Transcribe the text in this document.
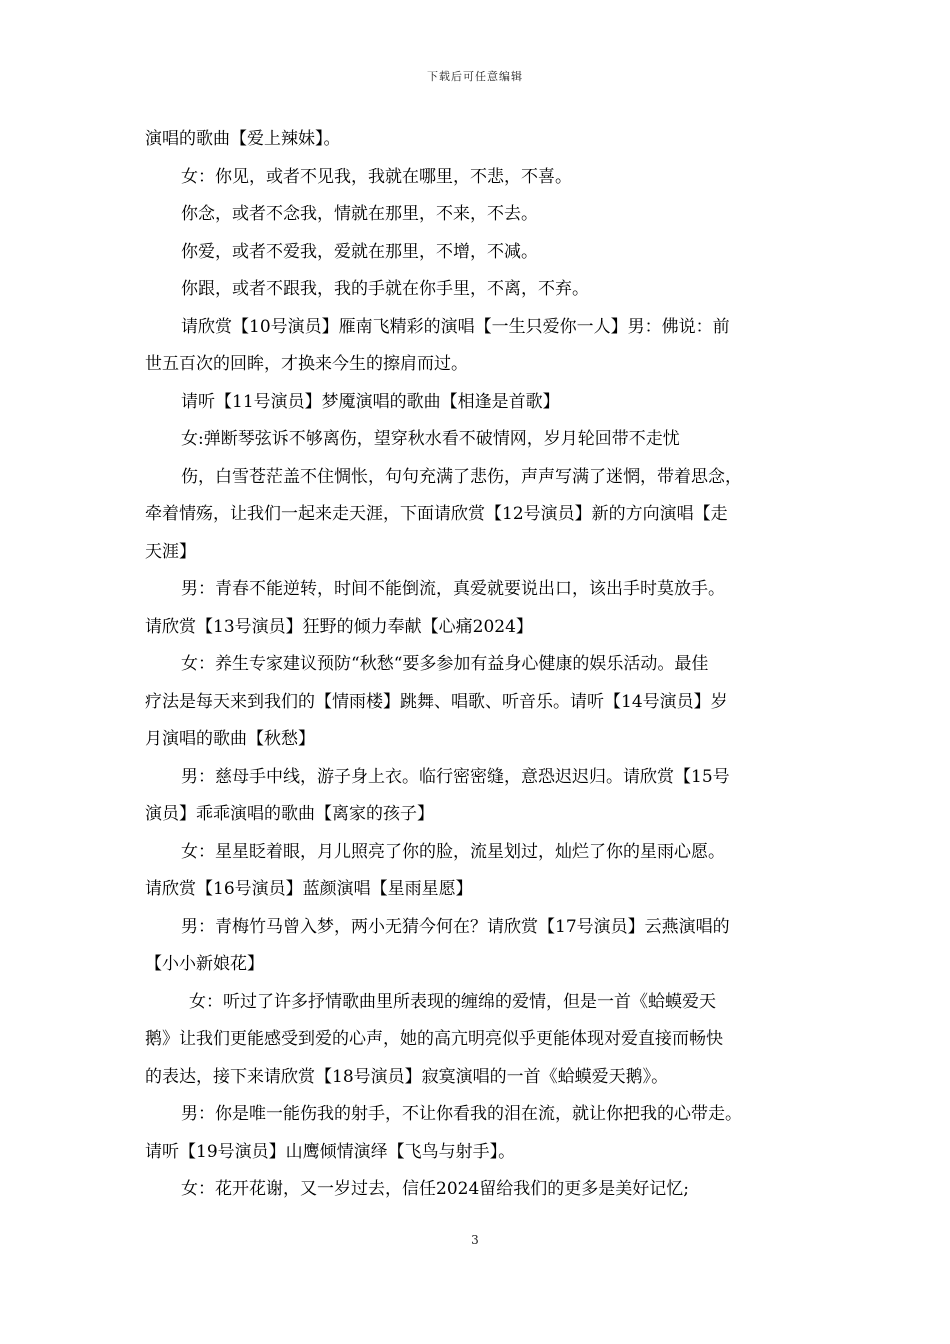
下载后可任意编辑

演唱的歌曲【爱上辣妹】。

女：你见，或者不见我，我就在哪里，不悲，不喜。

你念，或者不念我，情就在那里，不来，不去。

你爱，或者不爱我，爱就在那里，不增，不减。

你跟，或者不跟我，我的手就在你手里，不离，不弃。

请欣赏【10号演员】雁南飞精彩的演唱【一生只爱你一人】男：佛说：前

世五百次的回眸，才换来今生的擦肩而过。

请听【11号演员】梦魇演唱的歌曲【相逢是首歌】

女:弹断琴弦诉不够离伤，望穿秋水看不破情网，岁月轮回带不走忧

伤，白雪苍茫盖不住惆怅，句句充满了悲伤，声声写满了迷惘，带着思念，

牵着情殇，让我们一起来走天涯，下面请欣赏【12号演员】新的方向演唱【走

天涯】

男：青春不能逆转，时间不能倒流，真爱就要说出口，该出手时莫放手。

请欣赏【13号演员】狂野的倾力奉献【心痛2024】

女：养生专家建议预防“秋愁“要多参加有益身心健康的娱乐活动。最佳

疗法是每天来到我们的【情雨楼】跳舞、唱歌、听音乐。请听【14号演员】岁

月演唱的歌曲【秋愁】

男：慈母手中线，游子身上衣。临行密密缝，意恐迟迟归。请欣赏【15号

演员】乖乖演唱的歌曲【离家的孩子】

女：星星眨着眼，月儿照亮了你的脸，流星划过，灿烂了你的星雨心愿。

请欣赏【16号演员】蓝颜演唱【星雨星愿】

男：青梅竹马曾入梦，两小无猜今何在？请欣赏【17号演员】云燕演唱的

【小小新娘花】

女：听过了许多抒情歌曲里所表现的缠绵的爱情，但是一首《蛤蟆爱天

鹅》让我们更能感受到爱的心声，她的高亢明亮似乎更能体现对爱直接而畅快

的表达，接下来请欣赏【18号演员】寂寞演唱的一首《蛤蟆爱天鹅》。

男：你是唯一能伤我的射手，不让你看我的泪在流，就让你把我的心带走。

请听【19号演员】山鹰倾情演绎【飞鸟与射手】。

女：花开花谢，又一岁过去，信任2024留给我们的更多是美好记忆;

3
